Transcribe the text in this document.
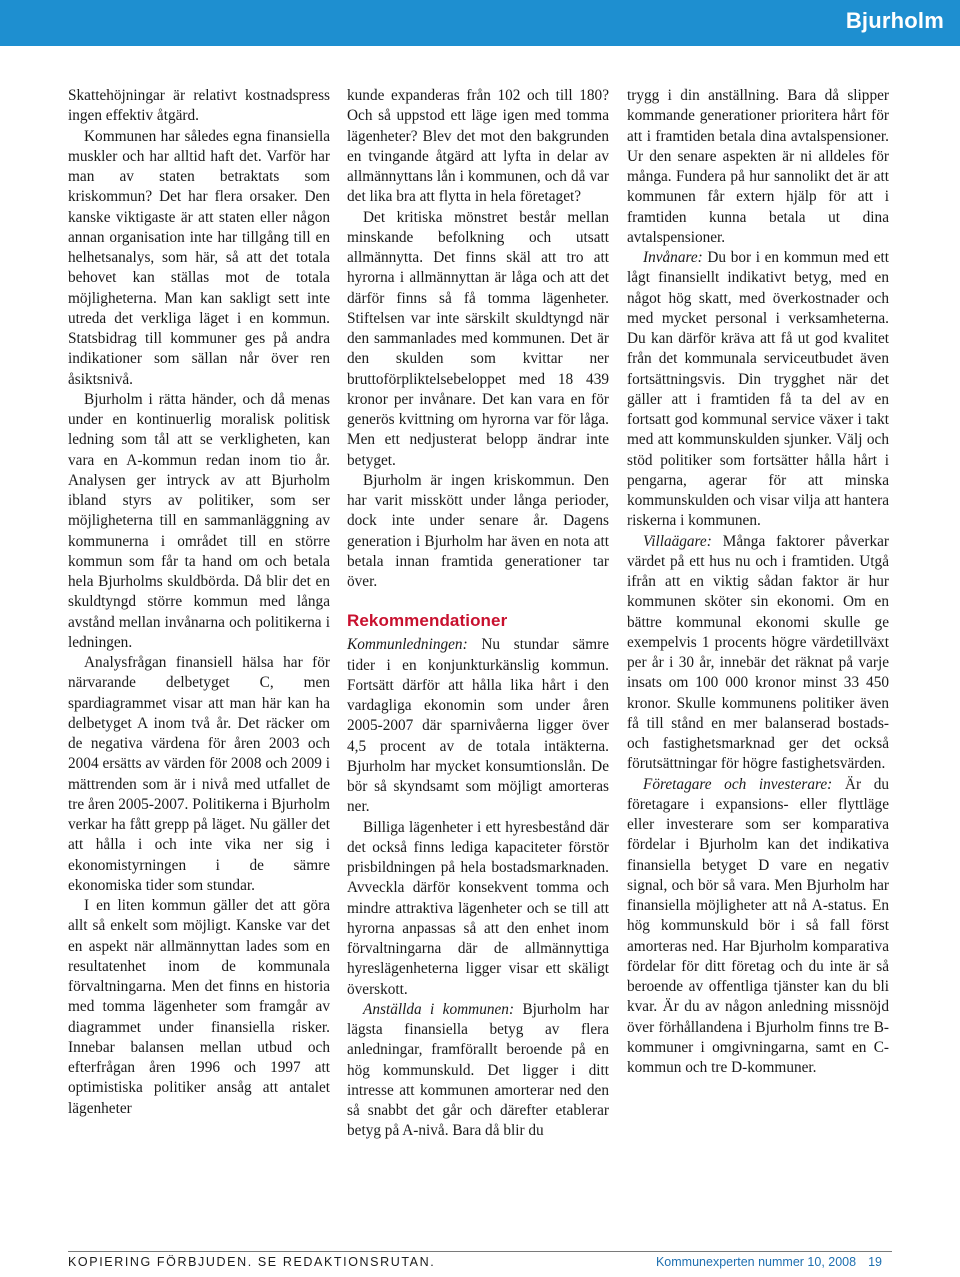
Bjurholm

Skattehöjningar är relativt kostnadspress ingen effektiv åtgärd.

Kommunen har således egna finansiella muskler och har alltid haft det. Varför har man av staten betraktats som kriskommun? Det har flera orsaker. Den kanske viktigaste är att staten eller någon annan organisation inte har tillgång till en helhetsanalys, som här, så att det totala behovet kan ställas mot de totala möjligheterna. Man kan sakligt sett inte utreda det verkliga läget i en kommun. Statsbidrag till kommuner ges på andra indikationer som sällan når över ren åsiktsnivå.

Bjurholm i rätta händer, och då menas under en kontinuerlig moralisk politisk ledning som tål att se verkligheten, kan vara en A-kommun redan inom tio år. Analysen ger intryck av att Bjurholm ibland styrs av politiker, som ser möjligheterna till en sammanläggning av kommunerna i området till en större kommun som får ta hand om och betala hela Bjurholms skuldbörda. Då blir det en skuldtyngd större kommun med långa avstånd mellan invånarna och politikerna i ledningen.

Analysfrågan finansiell hälsa har för närvarande delbetyget C, men spardiagrammet visar att man här kan ha delbetyget A inom två år. Det räcker om de negativa värdena för åren 2003 och 2004 ersätts av värden för 2008 och 2009 i mättrenden som är i nivå med utfallet de tre åren 2005-2007. Politikerna i Bjurholm verkar ha fått grepp på läget. Nu gäller det att hålla i och inte vika ner sig i ekonomistyrningen i de sämre ekonomiska tider som stundar.

I en liten kommun gäller det att göra allt så enkelt som möjligt. Kanske var det en aspekt när allmännyttan lades som en resultatenhet inom de kommunala förvaltningarna. Men det finns en historia med tomma lägenheter som framgår av diagrammet under finansiella risker. Innebar balansen mellan utbud och efterfrågan åren 1996 och 1997 att optimistiska politiker ansåg att antalet lägenheter

kunde expanderas från 102 och till 180? Och så uppstod ett läge igen med tomma lägenheter? Blev det mot den bakgrunden en tvingande åtgärd att lyfta in delar av allmännyttans lån i kommunen, och då var det lika bra att flytta in hela företaget?

Det kritiska mönstret består mellan minskande befolkning och utsatt allmännytta. Det finns skäl att tro att hyrorna i allmännyttan är låga och att det därför finns så få tomma lägenheter. Stiftelsen var inte särskilt skuldtyngd när den sammanlades med kommunen. Det är den skulden som kvittar ner bruttoförpliktelsebeloppet med 18 439 kronor per invånare. Det kan vara en för generös kvittning om hyrorna var för låga. Men ett nedjusterat belopp ändrar inte betyget.

Bjurholm är ingen kriskommun. Den har varit misskött under långa perioder, dock inte under senare år. Dagens generation i Bjurholm har även en nota att betala innan framtida generationer tar över.

Rekommendationer

Kommunledningen: Nu stundar sämre tider i en konjunkturkänslig kommun. Fortsätt därför att hålla lika hårt i den vardagliga ekonomin som under åren 2005-2007 där sparnivåerna ligger över 4,5 procent av de totala intäkterna. Bjurholm har mycket konsumtionslån. De bör så skyndsamt som möjligt amorteras ner.

Billiga lägenheter i ett hyresbestånd där det också finns lediga kapaciteter förstör prisbildningen på hela bostadsmarknaden. Avveckla därför konsekvent tomma och mindre attraktiva lägenheter och se till att hyrorna anpassas så att den enhet inom förvaltningarna där de allmännyttiga hyreslägenheterna ligger visar ett skäligt överskott.

Anställda i kommunen: Bjurholm har lägsta finansiella betyg av flera anledningar, framförallt beroende på en hög kommunskuld. Det ligger i ditt intresse att kommunen amorterar ned den så snabbt det går och därefter etablerar betyg på A-nivå. Bara då blir du

trygg i din anställning. Bara då slipper kommande generationer prioritera hårt för att i framtiden betala dina avtalspensioner. Ur den senare aspekten är ni alldeles för många. Fundera på hur sannolikt det är att kommunen får extern hjälp för att i framtiden kunna betala ut dina avtalspensioner.

Invånare: Du bor i en kommun med ett lågt finansiellt indikativt betyg, med en något hög skatt, med överkostnader och med mycket personal i verksamheterna. Du kan därför kräva att få ut god kvalitet från det kommunala serviceutbudet även fortsättningsvis. Din trygghet när det gäller att i framtiden få ta del av en fortsatt god kommunal service växer i takt med att kommunskulden sjunker. Välj och stöd politiker som fortsätter hålla hårt i pengarna, agerar för att minska kommunskulden och visar vilja att hantera riskerna i kommunen.

Villaägare: Många faktorer påverkar värdet på ett hus nu och i framtiden. Utgå ifrån att en viktig sådan faktor är hur kommunen sköter sin ekonomi. Om en bättre kommunal ekonomi skulle ge exempelvis 1 procents högre värdetillväxt per år i 30 år, innebär det räknat på varje insats om 100 000 kronor minst 33 450 kronor. Skulle kommunens politiker även få till stånd en mer balanserad bostads- och fastighetsmarknad ger det också förutsättningar för högre fastighetsvärden.

Företagare och investerare: Är du företagare i expansions- eller flyttläge eller investerare som ser komparativa fördelar i Bjurholm kan det indikativa finansiella betyget D vare en negativ signal, och bör så vara. Men Bjurholm har finansiella möjligheter att nå A-status. En hög kommunskuld bör i så fall först amorteras ned. Har Bjurholm komparativa fördelar för ditt företag och du inte är så beroende av offentliga tjänster kan du bli kvar. Är du av någon anledning missnöjd över förhållandena i Bjurholm finns tre B-kommuner i omgivningarna, samt en C-kommun och tre D-kommuner.

KOPIERING FÖRBJUDEN. SE REDAKTIONSRUTAN.	Kommunexperten nummer 10, 2008 19
